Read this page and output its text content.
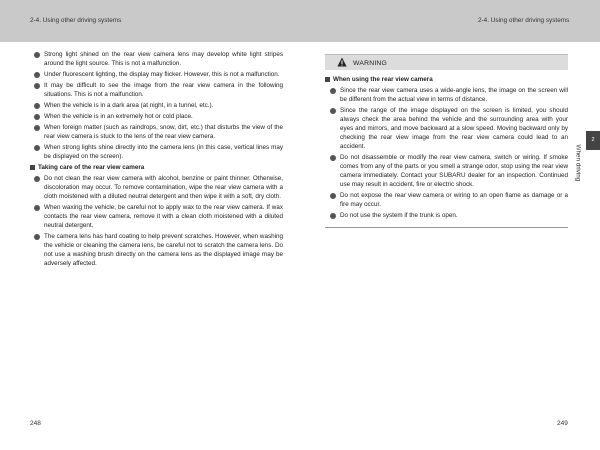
2-4. Using other driving systems	2-4. Using other driving systems
Strong light shined on the rear view camera lens may develop white light stripes around the light source. This is not a malfunction.
Under fluorescent lighting, the display may flicker. However, this is not a malfunction.
It may be difficult to see the image from the rear view camera in the following situations. This is not a malfunction.
When the vehicle is in a dark area (at night, in a tunnel, etc.).
When the vehicle is in an extremely hot or cold place.
When foreign matter (such as raindrops, snow, dirt, etc.) that disturbs the view of the rear view camera is stuck to the lens of the rear view camera.
When strong lights shine directly into the camera lens (in this case, vertical lines may be displayed on the screen).
Taking care of the rear view camera
Do not clean the rear view camera with alcohol, benzine or paint thinner. Otherwise, discoloration may occur. To remove contamination, wipe the rear view camera with a cloth moistened with a diluted neutral detergent and then wipe it with a soft, dry cloth.
When waxing the vehicle, be careful not to apply wax to the rear view camera. If wax contacts the rear view camera, remove it with a clean cloth moistened with a diluted neutral detergent.
The camera lens has hard coating to help prevent scratches. However, when washing the vehicle or cleaning the camera lens, be careful not to scratch the camera lens. Do not use a washing brush directly on the camera lens as the displayed image may be adversely affected.
WARNING
When using the rear view camera
Since the rear view camera uses a wide-angle lens, the image on the screen will be different from the actual view in terms of distance.
Since the range of the image displayed on the screen is limited, you should always check the area behind the vehicle and the surrounding area with your eyes and mirrors, and move backward at a slow speed. Moving backward only by checking the rear view image from the rear view camera could lead to an accident.
Do not disassemble or modify the rear view camera, switch or wiring. If smoke comes from any of the parts or you smell a strange odor, stop using the rear view camera immediately. Contact your SUBARU dealer for an inspection. Continued use may result in accident, fire or electric shock.
Do not expose the rear view camera or wiring to an open flame as damage or a fire may occur.
Do not use the system if the trunk is open.
2
When driving
248	249
